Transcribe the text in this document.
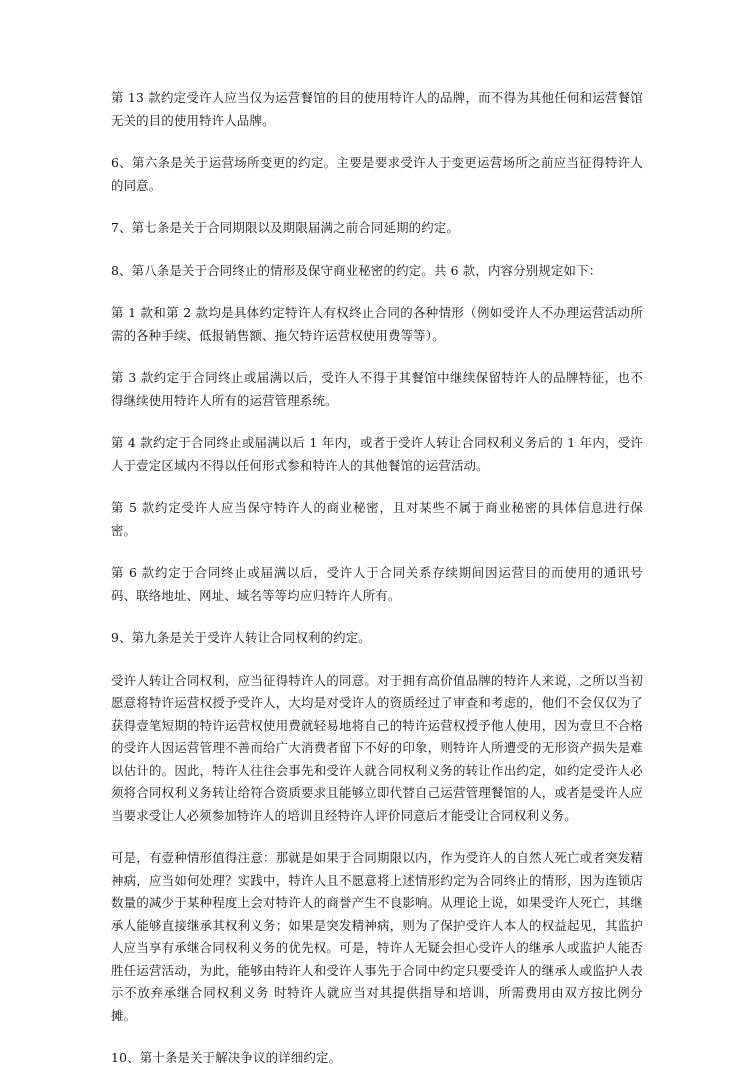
第 13 款约定受许人应当仅为运营餐馆的目的使用特许人的品牌，而不得为其他任何和运营餐馆无关的目的使用特许人品牌。

6、第六条是关于运营场所变更的约定。主要是要求受许人于变更运营场所之前应当征得特许人的同意。

7、第七条是关于合同期限以及期限届满之前合同延期的约定。

8、第八条是关于合同终止的情形及保守商业秘密的约定。共 6 款，内容分别规定如下：

第 1 款和第 2 款均是具体约定特许人有权终止合同的各种情形（例如受许人不办理运营活动所需的各种手续、低报销售额、拖欠特许运营权使用费等等）。

第 3 款约定于合同终止或届满以后，受许人不得于其餐馆中继续保留特许人的品牌特征，也不得继续使用特许人所有的运营管理系统。

第 4 款约定于合同终止或届满以后 1 年内，或者于受许人转让合同权利义务后的 1 年内，受许人于壹定区域内不得以任何形式参和特许人的其他餐馆的运营活动。

第 5 款约定受许人应当保守特许人的商业秘密，且对某些不属于商业秘密的具体信息进行保密。

第 6 款约定于合同终止或届满以后，受许人于合同关系存续期间因运营目的而使用的通讯号码、联络地址、网址、域名等等均应归特许人所有。

9、第九条是关于受许人转让合同权利的约定。

受许人转让合同权利，应当征得特许人的同意。对于拥有高价值品牌的特许人来说，之所以当初愿意将特许运营权授予受许人，大均是对受许人的资质经过了审查和考虑的，他们不会仅仅为了获得壹笔短期的特许运营权使用费就轻易地将自己的特许运营权授予他人使用，因为壹旦不合格的受许人因运营管理不善而给广大消费者留下不好的印象，则特许人所遭受的无形资产损失是难以估计的。因此，特许人往往会事先和受许人就合同权利义务的转让作出约定，如约定受许人必须将合同权利义务转让给符合资质要求且能够立即代替自己运营管理餐馆的人，或者是受许人应当要求受让人必须参加特许人的培训且经特许人评价同意后才能受让合同权利义务。

可是，有壹种情形值得注意：那就是如果于合同期限以内，作为受许人的自然人死亡或者突发精神病，应当如何处理？实践中，特许人且不愿意将上述情形约定为合同终止的情形，因为连锁店数量的减少于某种程度上会对特许人的商誉产生不良影响。从理论上说，如果受许人死亡，其继承人能够直接继承其权利义务；如果是突发精神病，则为了保护受许人本人的权益起见，其监护人应当享有承继合同权利义务的优先权。可是，特许人无疑会担心受许人的继承人或监护人能否胜任运营活动，为此，能够由特许人和受许人事先于合同中约定只要受许人的继承人或监护人表示不放弃承继合同权利义务 时特许人就应当对其提供指导和培训，所需费用由双方按比例分摊。

10、第十条是关于解决争议的详细约定。
